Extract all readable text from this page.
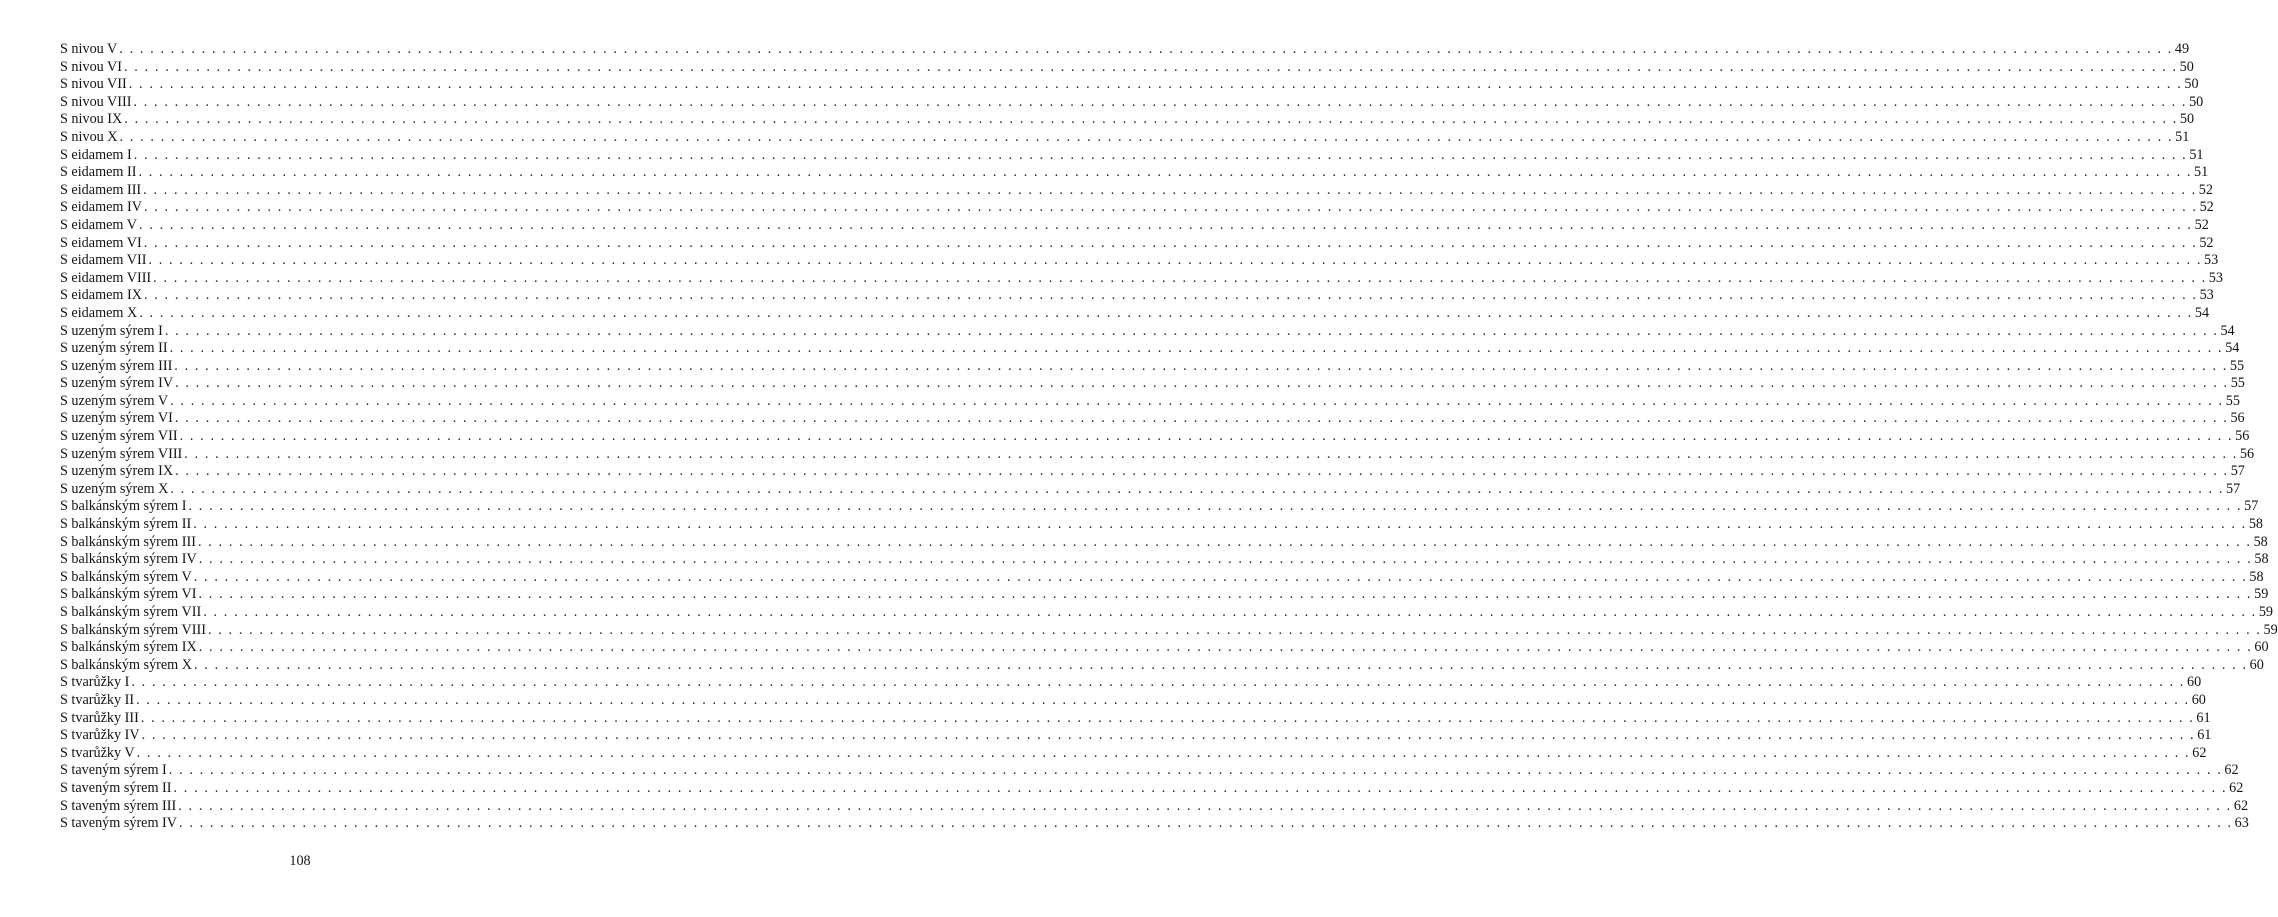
S nivou V . . . . . . . . . . . . . . . . . . . . . . . . . . . . . . . . . . . . . . . . . . . . . . . . . . . . . . . . . . . . . . . . . . . . . . . . . . . . . . . . . . . . . . . . . . . . . . . . . . . . . . . . . . . . . . . . . . . . . . . . . . . . . . . . . . . . . . . . . . . . . . . . . . . . . . . . . . . . . . . . . . . . . . . . . . . . . . . . . . . . . . . . . . . . . . . . . . . . . . . . 49
S nivou VI . . . . . . . . . . . . . . . . . . . . . . . . . . . . . . . . . . . . . . . . . . . . . . . . . . . . . . . . . . . . . . . . . . . . . . . . . . . . . . . . . . . . . . . . . . . . . . . . . . . . . . . . . . . . . . . . . . . . . . . . . . . . . . . . . . . . . . . . . . . . . . . . . . . . . . . . . . . . . . . . . . . . . . . . . . . . . . . . . . . . . . . . . . . . . . . . . . . . . . . . 50
S nivou VII . . . . . . . . . . . . . . . . . . . . . . . . . . . . . . . . . . . . . . . . . . . . . . . . . . . . . . . . . . . . . . . . . . . . . . . . . . . . . . . . . . . . . . . . . . . . . . . . . . . . . . . . . . . . . . . . . . . . . . . . . . . . . . . . . . . . . . . . . . . . . . . . . . . . . . . . . . . . . . . . . . . . . . . . . . . . . . . . . . . . . . . . . . . . . . . . . . . . . . . . 50
S nivou VIII . . . . . . . . . . . . . . . . . . . . . . . . . . . . . . . . . . . . . . . . . . . . . . . . . . . . . . . . . . . . . . . . . . . . . . . . . . . . . . . . . . . . . . . . . . . . . . . . . . . . . . . . . . . . . . . . . . . . . . . . . . . . . . . . . . . . . . . . . . . . . . . . . . . . . . . . . . . . . . . . . . . . . . . . . . . . . . . . . . . . . . . . . . . . . . . . . . . . . . . . 50
S nivou IX . . . . . . . . . . . . . . . . . . . . . . . . . . . . . . . . . . . . . . . . . . . . . . . . . . . . . . . . . . . . . . . . . . . . . . . . . . . . . . . . . . . . . . . . . . . . . . . . . . . . . . . . . . . . . . . . . . . . . . . . . . . . . . . . . . . . . . . . . . . . . . . . . . . . . . . . . . . . . . . . . . . . . . . . . . . . . . . . . . . . . . . . . . . . . . . . . . . . . . . . 50
S nivou X . . . . . . . . . . . . . . . . . . . . . . . . . . . . . . . . . . . . . . . . . . . . . . . . . . . . . . . . . . . . . . . . . . . . . . . . . . . . . . . . . . . . . . . . . . . . . . . . . . . . . . . . . . . . . . . . . . . . . . . . . . . . . . . . . . . . . . . . . . . . . . . . . . . . . . . . . . . . . . . . . . . . . . . . . . . . . . . . . . . . . . . . . . . . . . . . . . . . . . . . 51
S eidamem I . . . . . . . . . . . . . . . . . . . . . . . . . . . . . . . . . . . . . . . . . . . . . . . . . . . . . . . . . . . . . . . . . . . . . . . . . . . . . . . . . . . . . . . . . . . . . . . . . . . . . . . . . . . . . . . . . . . . . . . . . . . . . . . . . . . . . . . . . . . . . . . . . . . . . . . . . . . . . . . . . . . . . . . . . . . . . . . . . . . . . . . . . . . . . . . . . . . . . . . . 51
S eidamem II . . . . . . . . . . . . . . . . . . . . . . . . . . . . . . . . . . . . . . . . . . . . . . . . . . . . . . . . . . . . . . . . . . . . . . . . . . . . . . . . . . . . . . . . . . . . . . . . . . . . . . . . . . . . . . . . . . . . . . . . . . . . . . . . . . . . . . . . . . . . . . . . . . . . . . . . . . . . . . . . . . . . . . . . . . . . . . . . . . . . . . . . . . . . . . . . . . . . . . . . 51
S eidamem III . . . . . . . . . . . . . . . . . . . . . . . . . . . . . . . . . . . . . . . . . . . . . . . . . . . . . . . . . . . . . . . . . . . . . . . . . . . . . . . . . . . . . . . . . . . . . . . . . . . . . . . . . . . . . . . . . . . . . . . . . . . . . . . . . . . . . . . . . . . . . . . . . . . . . . . . . . . . . . . . . . . . . . . . . . . . . . . . . . . . . . . . . . . . . . . . . . . . . . . . 52
S eidamem IV . . . . . . . . . . . . . . . . . . . . . . . . . . . . . . . . . . . . . . . . . . . . . . . . . . . . . . . . . . . . . . . . . . . . . . . . . . . . . . . . . . . . . . . . . . . . . . . . . . . . . . . . . . . . . . . . . . . . . . . . . . . . . . . . . . . . . . . . . . . . . . . . . . . . . . . . . . . . . . . . . . . . . . . . . . . . . . . . . . . . . . . . . . . . . . . . . . . . . . . . 52
S eidamem V . . . . . . . . . . . . . . . . . . . . . . . . . . . . . . . . . . . . . . . . . . . . . . . . . . . . . . . . . . . . . . . . . . . . . . . . . . . . . . . . . . . . . . . . . . . . . . . . . . . . . . . . . . . . . . . . . . . . . . . . . . . . . . . . . . . . . . . . . . . . . . . . . . . . . . . . . . . . . . . . . . . . . . . . . . . . . . . . . . . . . . . . . . . . . . . . . . . . . . . . 52
S eidamem VI . . . . . . . . . . . . . . . . . . . . . . . . . . . . . . . . . . . . . . . . . . . . . . . . . . . . . . . . . . . . . . . . . . . . . . . . . . . . . . . . . . . . . . . . . . . . . . . . . . . . . . . . . . . . . . . . . . . . . . . . . . . . . . . . . . . . . . . . . . . . . . . . . . . . . . . . . . . . . . . . . . . . . . . . . . . . . . . . . . . . . . . . . . . . . . . . . . . . . . . . 52
S eidamem VII . . . . . . . . . . . . . . . . . . . . . . . . . . . . . . . . . . . . . . . . . . . . . . . . . . . . . . . . . . . . . . . . . . . . . . . . . . . . . . . . . . . . . . . . . . . . . . . . . . . . . . . . . . . . . . . . . . . . . . . . . . . . . . . . . . . . . . . . . . . . . . . . . . . . . . . . . . . . . . . . . . . . . . . . . . . . . . . . . . . . . . . . . . . . . . . . . . . . . . . . 53
S eidamem VIII . . . . . . . . . . . . . . . . . . . . . . . . . . . . . . . . . . . . . . . . . . . . . . . . . . . . . . . . . . . . . . . . . . . . . . . . . . . . . . . . . . . . . . . . . . . . . . . . . . . . . . . . . . . . . . . . . . . . . . . . . . . . . . . . . . . . . . . . . . . . . . . . . . . . . . . . . . . . . . . . . . . . . . . . . . . . . . . . . . . . . . . . . . . . . . . . . . . . . . . . 53
S eidamem IX . . . . . . . . . . . . . . . . . . . . . . . . . . . . . . . . . . . . . . . . . . . . . . . . . . . . . . . . . . . . . . . . . . . . . . . . . . . . . . . . . . . . . . . . . . . . . . . . . . . . . . . . . . . . . . . . . . . . . . . . . . . . . . . . . . . . . . . . . . . . . . . . . . . . . . . . . . . . . . . . . . . . . . . . . . . . . . . . . . . . . . . . . . . . . . . . . . . . . . . . 53
S eidamem X . . . . . . . . . . . . . . . . . . . . . . . . . . . . . . . . . . . . . . . . . . . . . . . . . . . . . . . . . . . . . . . . . . . . . . . . . . . . . . . . . . . . . . . . . . . . . . . . . . . . . . . . . . . . . . . . . . . . . . . . . . . . . . . . . . . . . . . . . . . . . . . . . . . . . . . . . . . . . . . . . . . . . . . . . . . . . . . . . . . . . . . . . . . . . . . . . . . . . . . . 54
S uzeným sýrem I . . . . . . . . . . . . . . . . . . . . . . . . . . . . . . . . . . . . . . . . . . . . . . . . . . . . . . . . . . . . . . . . . . . . . . . . . . . . . . . . . . . . . . . . . . . . . . . . . . . . . . . . . . . . . . . . . . . . . . . . . . . . . . . . . . . . . . . . . . . . . . . . . . . . . . . . . . . . . . . . . . . . . . . . . . . . . . . . . . . . . . . . . . . . . . . . . . . . . . . . 54
S uzeným sýrem II . . . . . . . . . . . . . . . . . . . . . . . . . . . . . . . . . . . . . . . . . . . . . . . . . . . . . . . . . . . . . . . . . . . . . . . . . . . . . . . . . . . . . . . . . . . . . . . . . . . . . . . . . . . . . . . . . . . . . . . . . . . . . . . . . . . . . . . . . . . . . . . . . . . . . . . . . . . . . . . . . . . . . . . . . . . . . . . . . . . . . . . . . . . . . . . . . . . . . . . . 54
S uzeným sýrem III . . . . . . . . . . . . . . . . . . . . . . . . . . . . . . . . . . . . . . . . . . . . . . . . . . . . . . . . . . . . . . . . . . . . . . . . . . . . . . . . . . . . . . . . . . . . . . . . . . . . . . . . . . . . . . . . . . . . . . . . . . . . . . . . . . . . . . . . . . . . . . . . . . . . . . . . . . . . . . . . . . . . . . . . . . . . . . . . . . . . . . . . . . . . . . . . . . . . . . . . 55
S uzeným sýrem IV . . . . . . . . . . . . . . . . . . . . . . . . . . . . . . . . . . . . . . . . . . . . . . . . . . . . . . . . . . . . . . . . . . . . . . . . . . . . . . . . . . . . . . . . . . . . . . . . . . . . . . . . . . . . . . . . . . . . . . . . . . . . . . . . . . . . . . . . . . . . . . . . . . . . . . . . . . . . . . . . . . . . . . . . . . . . . . . . . . . . . . . . . . . . . . . . . . . . . . . . 55
S uzeným sýrem V . . . . . . . . . . . . . . . . . . . . . . . . . . . . . . . . . . . . . . . . . . . . . . . . . . . . . . . . . . . . . . . . . . . . . . . . . . . . . . . . . . . . . . . . . . . . . . . . . . . . . . . . . . . . . . . . . . . . . . . . . . . . . . . . . . . . . . . . . . . . . . . . . . . . . . . . . . . . . . . . . . . . . . . . . . . . . . . . . . . . . . . . . . . . . . . . . . . . . . . . 55
S uzeným sýrem VI . . . . . . . . . . . . . . . . . . . . . . . . . . . . . . . . . . . . . . . . . . . . . . . . . . . . . . . . . . . . . . . . . . . . . . . . . . . . . . . . . . . . . . . . . . . . . . . . . . . . . . . . . . . . . . . . . . . . . . . . . . . . . . . . . . . . . . . . . . . . . . . . . . . . . . . . . . . . . . . . . . . . . . . . . . . . . . . . . . . . . . . . . . . . . . . . . . . . . . . . 56
S uzeným sýrem VII . . . . . . . . . . . . . . . . . . . . . . . . . . . . . . . . . . . . . . . . . . . . . . . . . . . . . . . . . . . . . . . . . . . . . . . . . . . . . . . . . . . . . . . . . . . . . . . . . . . . . . . . . . . . . . . . . . . . . . . . . . . . . . . . . . . . . . . . . . . . . . . . . . . . . . . . . . . . . . . . . . . . . . . . . . . . . . . . . . . . . . . . . . . . . . . . . . . . . . . . 56
S uzeným sýrem VIII . . . . . . . . . . . . . . . . . . . . . . . . . . . . . . . . . . . . . . . . . . . . . . . . . . . . . . . . . . . . . . . . . . . . . . . . . . . . . . . . . . . . . . . . . . . . . . . . . . . . . . . . . . . . . . . . . . . . . . . . . . . . . . . . . . . . . . . . . . . . . . . . . . . . . . . . . . . . . . . . . . . . . . . . . . . . . . . . . . . . . . . . . . . . . . . . . . . . . . . . 56
S uzeným sýrem IX . . . . . . . . . . . . . . . . . . . . . . . . . . . . . . . . . . . . . . . . . . . . . . . . . . . . . . . . . . . . . . . . . . . . . . . . . . . . . . . . . . . . . . . . . . . . . . . . . . . . . . . . . . . . . . . . . . . . . . . . . . . . . . . . . . . . . . . . . . . . . . . . . . . . . . . . . . . . . . . . . . . . . . . . . . . . . . . . . . . . . . . . . . . . . . . . . . . . . . . . 57
S uzeným sýrem X . . . . . . . . . . . . . . . . . . . . . . . . . . . . . . . . . . . . . . . . . . . . . . . . . . . . . . . . . . . . . . . . . . . . . . . . . . . . . . . . . . . . . . . . . . . . . . . . . . . . . . . . . . . . . . . . . . . . . . . . . . . . . . . . . . . . . . . . . . . . . . . . . . . . . . . . . . . . . . . . . . . . . . . . . . . . . . . . . . . . . . . . . . . . . . . . . . . . . . . . 57
S balkánským sýrem I . . . . . . . . . . . . . . . . . . . . . . . . . . . . . . . . . . . . . . . . . . . . . . . . . . . . . . . . . . . . . . . . . . . . . . . . . . . . . . . . . . . . . . . . . . . . . . . . . . . . . . . . . . . . . . . . . . . . . . . . . . . . . . . . . . . . . . . . . . . . . . . . . . . . . . . . . . . . . . . . . . . . . . . . . . . . . . . . . . . . . . . . . . . . . . . . . . . . . . . . 57
S balkánským sýrem II . . . . . . . . . . . . . . . . . . . . . . . . . . . . . . . . . . . . . . . . . . . . . . . . . . . . . . . . . . . . . . . . . . . . . . . . . . . . . . . . . . . . . . . . . . . . . . . . . . . . . . . . . . . . . . . . . . . . . . . . . . . . . . . . . . . . . . . . . . . . . . . . . . . . . . . . . . . . . . . . . . . . . . . . . . . . . . . . . . . . . . . . . . . . . . . . . . . . . . . . 58
S balkánským sýrem III . . . . . . . . . . . . . . . . . . . . . . . . . . . . . . . . . . . . . . . . . . . . . . . . . . . . . . . . . . . . . . . . . . . . . . . . . . . . . . . . . . . . . . . . . . . . . . . . . . . . . . . . . . . . . . . . . . . . . . . . . . . . . . . . . . . . . . . . . . . . . . . . . . . . . . . . . . . . . . . . . . . . . . . . . . . . . . . . . . . . . . . . . . . . . . . . . . . . . . . . 58
S balkánským sýrem IV . . . . . . . . . . . . . . . . . . . . . . . . . . . . . . . . . . . . . . . . . . . . . . . . . . . . . . . . . . . . . . . . . . . . . . . . . . . . . . . . . . . . . . . . . . . . . . . . . . . . . . . . . . . . . . . . . . . . . . . . . . . . . . . . . . . . . . . . . . . . . . . . . . . . . . . . . . . . . . . . . . . . . . . . . . . . . . . . . . . . . . . . . . . . . . . . . . . . . . . . 58
S balkánským sýrem V . . . . . . . . . . . . . . . . . . . . . . . . . . . . . . . . . . . . . . . . . . . . . . . . . . . . . . . . . . . . . . . . . . . . . . . . . . . . . . . . . . . . . . . . . . . . . . . . . . . . . . . . . . . . . . . . . . . . . . . . . . . . . . . . . . . . . . . . . . . . . . . . . . . . . . . . . . . . . . . . . . . . . . . . . . . . . . . . . . . . . . . . . . . . . . . . . . . . . . . . 58
S balkánským sýrem VI . . . . . . . . . . . . . . . . . . . . . . . . . . . . . . . . . . . . . . . . . . . . . . . . . . . . . . . . . . . . . . . . . . . . . . . . . . . . . . . . . . . . . . . . . . . . . . . . . . . . . . . . . . . . . . . . . . . . . . . . . . . . . . . . . . . . . . . . . . . . . . . . . . . . . . . . . . . . . . . . . . . . . . . . . . . . . . . . . . . . . . . . . . . . . . . . . . . . . . . . 59
S balkánským sýrem VII . . . . . . . . . . . . . . . . . . . . . . . . . . . . . . . . . . . . . . . . . . . . . . . . . . . . . . . . . . . . . . . . . . . . . . . . . . . . . . . . . . . . . . . . . . . . . . . . . . . . . . . . . . . . . . . . . . . . . . . . . . . . . . . . . . . . . . . . . . . . . . . . . . . . . . . . . . . . . . . . . . . . . . . . . . . . . . . . . . . . . . . . . . . . . . . . . . . . . . . . 59
S balkánským sýrem VIII . . . . . . . . . . . . . . . . . . . . . . . . . . . . . . . . . . . . . . . . . . . . . . . . . . . . . . . . . . . . . . . . . . . . . . . . . . . . . . . . . . . . . . . . . . . . . . . . . . . . . . . . . . . . . . . . . . . . . . . . . . . . . . . . . . . . . . . . . . . . . . . . . . . . . . . . . . . . . . . . . . . . . . . . . . . . . . . . . . . . . . . . . . . . . . . . . . . . . . . . 59
S balkánským sýrem IX . . . . . . . . . . . . . . . . . . . . . . . . . . . . . . . . . . . . . . . . . . . . . . . . . . . . . . . . . . . . . . . . . . . . . . . . . . . . . . . . . . . . . . . . . . . . . . . . . . . . . . . . . . . . . . . . . . . . . . . . . . . . . . . . . . . . . . . . . . . . . . . . . . . . . . . . . . . . . . . . . . . . . . . . . . . . . . . . . . . . . . . . . . . . . . . . . . . . . . . . 60
S balkánským sýrem X . . . . . . . . . . . . . . . . . . . . . . . . . . . . . . . . . . . . . . . . . . . . . . . . . . . . . . . . . . . . . . . . . . . . . . . . . . . . . . . . . . . . . . . . . . . . . . . . . . . . . . . . . . . . . . . . . . . . . . . . . . . . . . . . . . . . . . . . . . . . . . . . . . . . . . . . . . . . . . . . . . . . . . . . . . . . . . . . . . . . . . . . . . . . . . . . . . . . . . . . 60
S tvarůžky I . . . . . . . . . . . . . . . . . . . . . . . . . . . . . . . . . . . . . . . . . . . . . . . . . . . . . . . . . . . . . . . . . . . . . . . . . . . . . . . . . . . . . . . . . . . . . . . . . . . . . . . . . . . . . . . . . . . . . . . . . . . . . . . . . . . . . . . . . . . . . . . . . . . . . . . . . . . . . . . . . . . . . . . . . . . . . . . . . . . . . . . . . . . . . . . . . . . . . . . . 60
S tvarůžky II . . . . . . . . . . . . . . . . . . . . . . . . . . . . . . . . . . . . . . . . . . . . . . . . . . . . . . . . . . . . . . . . . . . . . . . . . . . . . . . . . . . . . . . . . . . . . . . . . . . . . . . . . . . . . . . . . . . . . . . . . . . . . . . . . . . . . . . . . . . . . . . . . . . . . . . . . . . . . . . . . . . . . . . . . . . . . . . . . . . . . . . . . . . . . . . . . . . . . . . . 60
S tvarůžky III . . . . . . . . . . . . . . . . . . . . . . . . . . . . . . . . . . . . . . . . . . . . . . . . . . . . . . . . . . . . . . . . . . . . . . . . . . . . . . . . . . . . . . . . . . . . . . . . . . . . . . . . . . . . . . . . . . . . . . . . . . . . . . . . . . . . . . . . . . . . . . . . . . . . . . . . . . . . . . . . . . . . . . . . . . . . . . . . . . . . . . . . . . . . . . . . . . . . . . . . 61
S tvarůžky IV . . . . . . . . . . . . . . . . . . . . . . . . . . . . . . . . . . . . . . . . . . . . . . . . . . . . . . . . . . . . . . . . . . . . . . . . . . . . . . . . . . . . . . . . . . . . . . . . . . . . . . . . . . . . . . . . . . . . . . . . . . . . . . . . . . . . . . . . . . . . . . . . . . . . . . . . . . . . . . . . . . . . . . . . . . . . . . . . . . . . . . . . . . . . . . . . . . . . . . . . 61
S tvarůžky V . . . . . . . . . . . . . . . . . . . . . . . . . . . . . . . . . . . . . . . . . . . . . . . . . . . . . . . . . . . . . . . . . . . . . . . . . . . . . . . . . . . . . . . . . . . . . . . . . . . . . . . . . . . . . . . . . . . . . . . . . . . . . . . . . . . . . . . . . . . . . . . . . . . . . . . . . . . . . . . . . . . . . . . . . . . . . . . . . . . . . . . . . . . . . . . . . . . . . . . . 62
S taveným sýrem I . . . . . . . . . . . . . . . . . . . . . . . . . . . . . . . . . . . . . . . . . . . . . . . . . . . . . . . . . . . . . . . . . . . . . . . . . . . . . . . . . . . . . . . . . . . . . . . . . . . . . . . . . . . . . . . . . . . . . . . . . . . . . . . . . . . . . . . . . . . . . . . . . . . . . . . . . . . . . . . . . . . . . . . . . . . . . . . . . . . . . . . . . . . . . . . . . . . . . . . . 62
S taveným sýrem II . . . . . . . . . . . . . . . . . . . . . . . . . . . . . . . . . . . . . . . . . . . . . . . . . . . . . . . . . . . . . . . . . . . . . . . . . . . . . . . . . . . . . . . . . . . . . . . . . . . . . . . . . . . . . . . . . . . . . . . . . . . . . . . . . . . . . . . . . . . . . . . . . . . . . . . . . . . . . . . . . . . . . . . . . . . . . . . . . . . . . . . . . . . . . . . . . . . . . . . . 62
S taveným sýrem III . . . . . . . . . . . . . . . . . . . . . . . . . . . . . . . . . . . . . . . . . . . . . . . . . . . . . . . . . . . . . . . . . . . . . . . . . . . . . . . . . . . . . . . . . . . . . . . . . . . . . . . . . . . . . . . . . . . . . . . . . . . . . . . . . . . . . . . . . . . . . . . . . . . . . . . . . . . . . . . . . . . . . . . . . . . . . . . . . . . . . . . . . . . . . . . . . . . . . . . . 62
S taveným sýrem IV . . . . . . . . . . . . . . . . . . . . . . . . . . . . . . . . . . . . . . . . . . . . . . . . . . . . . . . . . . . . . . . . . . . . . . . . . . . . . . . . . . . . . . . . . . . . . . . . . . . . . . . . . . . . . . . . . . . . . . . . . . . . . . . . . . . . . . . . . . . . . . . . . . . . . . . . . . . . . . . . . . . . . . . . . . . . . . . . . . . . . . . . . . . . . . . . . . . . . . . . 63
108
